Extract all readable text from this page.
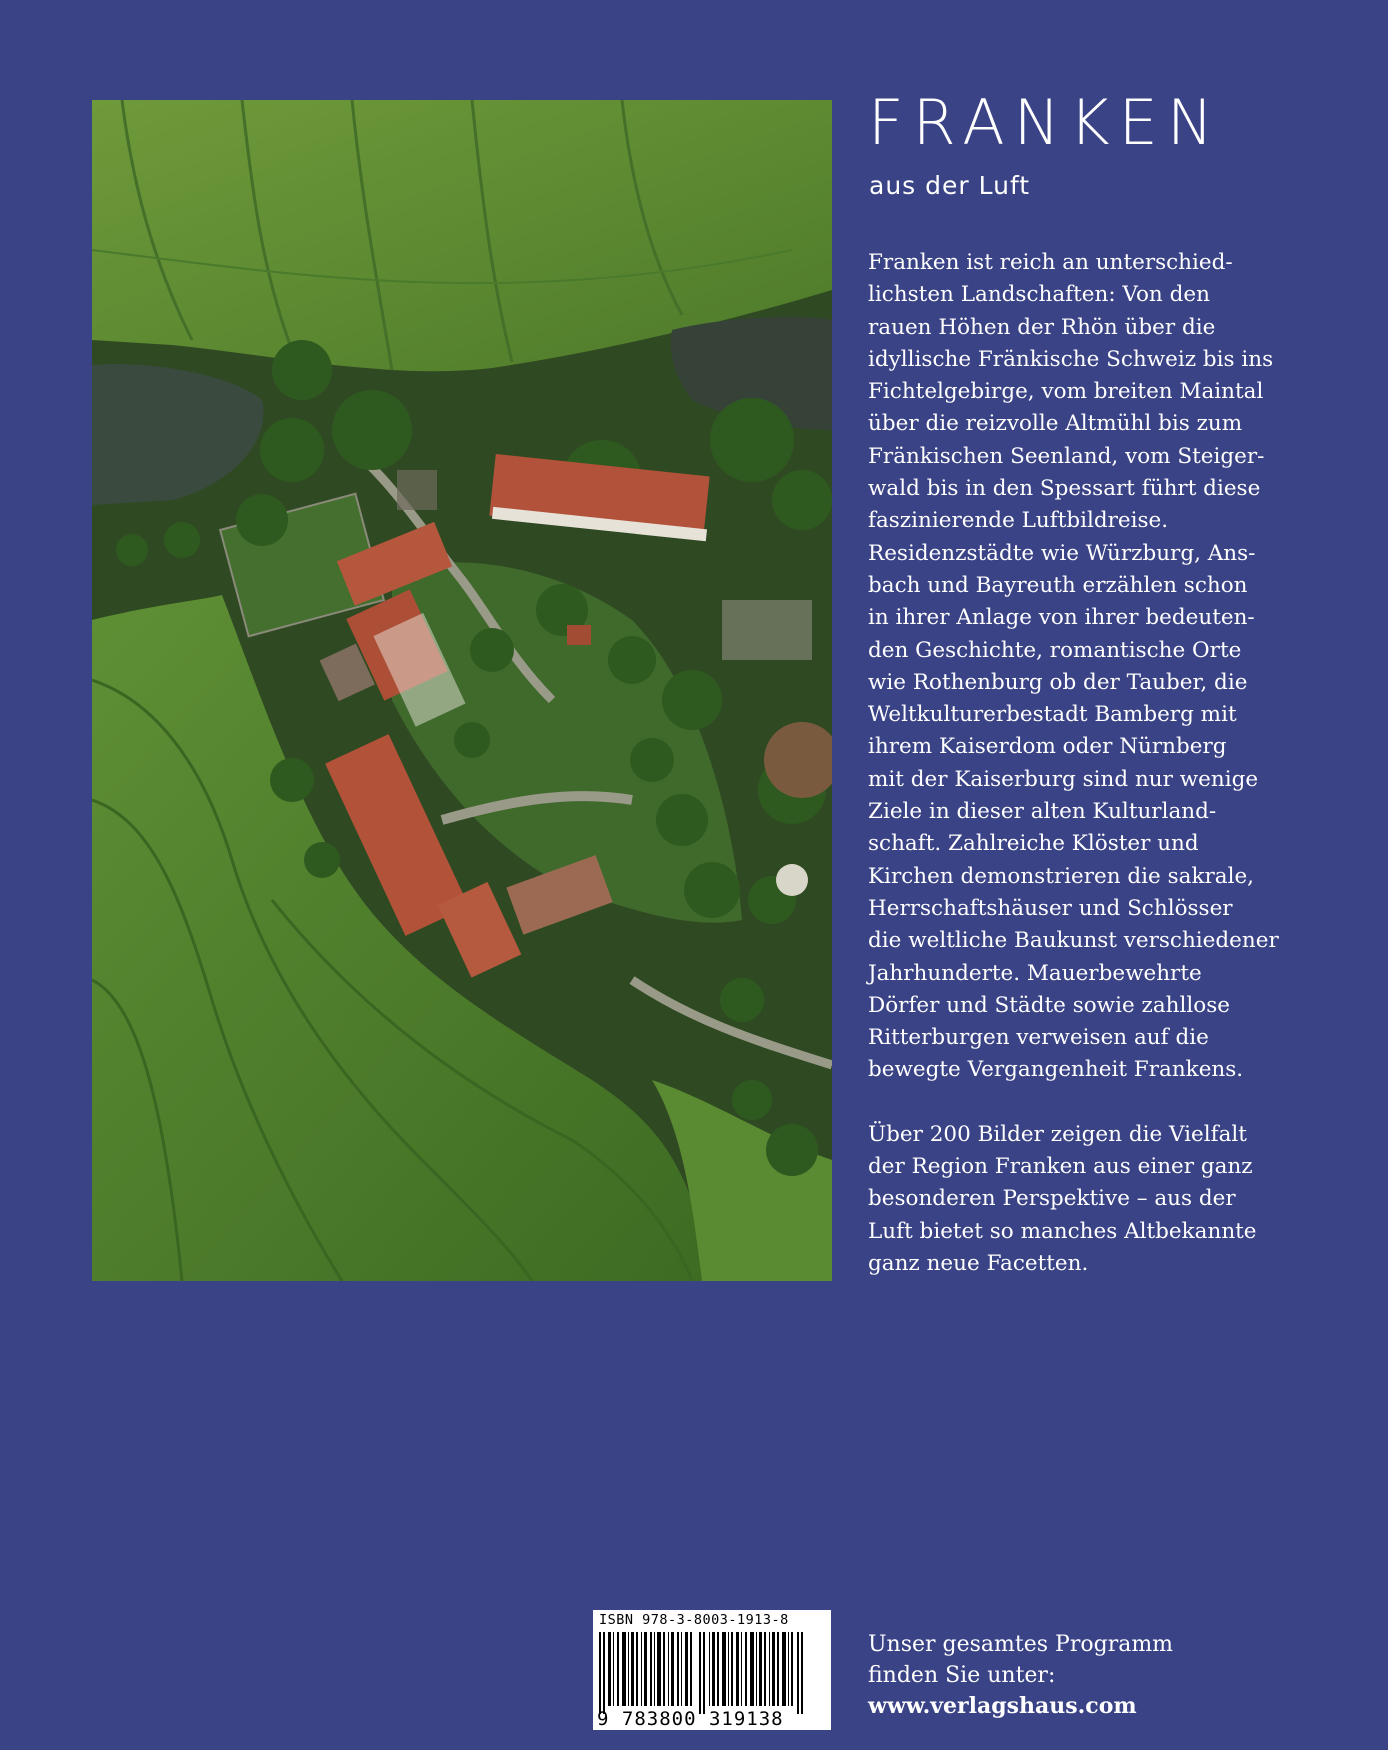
FRANKEN

aus der Luft

Franken ist reich an unterschied-
lichsten Landschaften: Von den
rauen Höhen der Rhön über die
idyllische Fränkische Schweiz bis ins
Fichtelgebirge, vom breiten Maintal
über die reizvolle Altmühl bis zum
Fränkischen Seenland, vom Steiger-
wald bis in den Spessart führt diese
faszinierende Luftbildreise.
Residenzstädte wie Würzburg, Ans-
bach und Bayreuth erzählen schon
in ihrer Anlage von ihrer bedeuten-
den Geschichte, romantische Orte
wie Rothenburg ob der Tauber, die
Weltkulturerbestadt Bamberg mit
ihrem Kaiserdom oder Nürnberg
mit der Kaiserburg sind nur wenige
Ziele in dieser alten Kulturland-
schaft. Zahlreiche Klöster und
Kirchen demonstrieren die sakrale,
Herrschaftshäuser und Schlösser
die weltliche Baukunst verschiedener
Jahrhunderte. Mauerbewehrte
Dörfer und Städte sowie zahllose
Ritterburgen verweisen auf die
bewegte Vergangenheit Frankens.
Über 200 Bilder zeigen die Vielfalt
der Region Franken aus einer ganz
besonderen Perspektive – aus der
Luft bietet so manches Altbekannte
ganz neue Facetten.
ISBN 978-3-8003-1913-8
9 783800 319138
Unser gesamtes Programm
finden Sie unter:
www.verlagshaus.com
